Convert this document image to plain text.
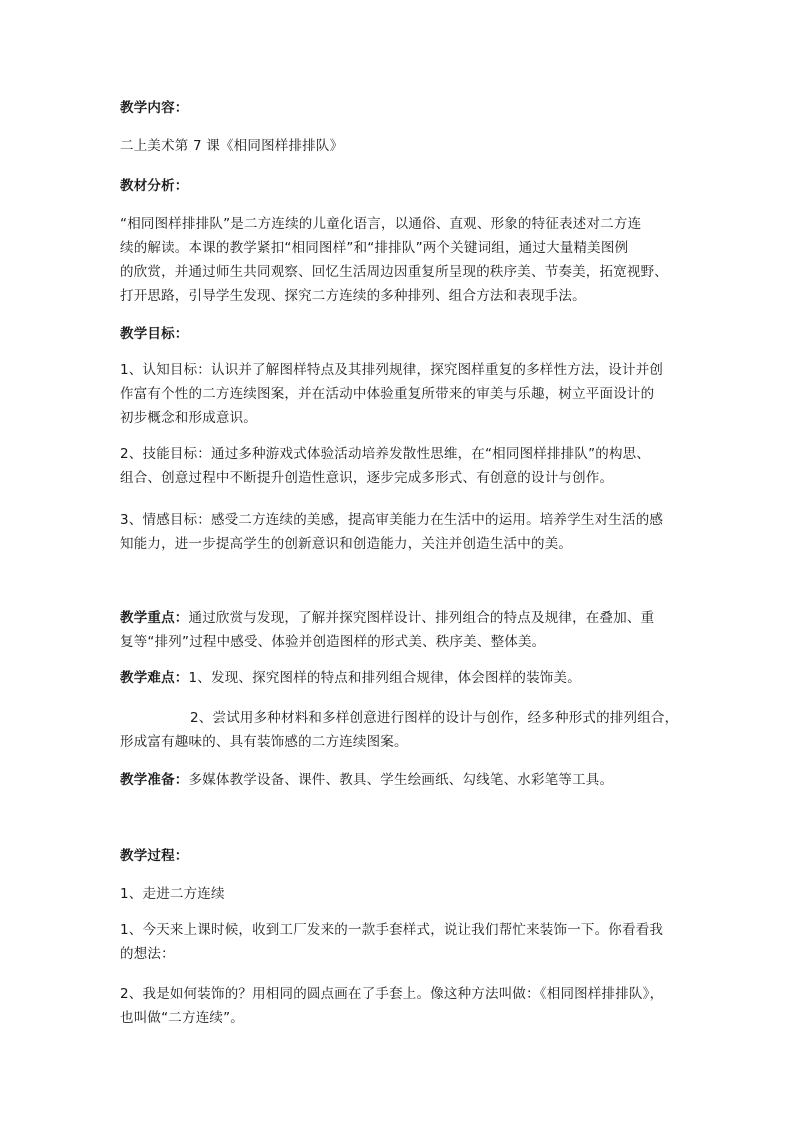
教学内容：
二上美术第 7 课《相同图样排排队》
教材分析：
“相同图样排排队”是二方连续的儿童化语言，以通俗、直观、形象的特征表述对二方连
续的解读。本课的教学紧扣“相同图样”和“排排队”两个关键词组，通过大量精美图例
的欣赏，并通过师生共同观察、回忆生活周边因重复所呈现的秩序美、节奏美，拓宽视野、
打开思路，引导学生发现、探究二方连续的多种排列、组合方法和表现手法。
教学目标：
1、认知目标：认识并了解图样特点及其排列规律，探究图样重复的多样性方法，设计并创
作富有个性的二方连续图案，并在活动中体验重复所带来的审美与乐趣，树立平面设计的
初步概念和形成意识。
2、技能目标：通过多种游戏式体验活动培养发散性思维，在“相同图样排排队”的构思、
组合、创意过程中不断提升创造性意识，逐步完成多形式、有创意的设计与创作。
3、情感目标：感受二方连续的美感，提高审美能力在生活中的运用。培养学生对生活的感
知能力，进一步提高学生的创新意识和创造能力，关注并创造生活中的美。
教学重点：通过欣赏与发现，了解并探究图样设计、排列组合的特点及规律，在叠加、重
复等“排列”过程中感受、体验并创造图样的形式美、秩序美、整体美。
教学难点：1、发现、探究图样的特点和排列组合规律，体会图样的装饰美。
2、尝试用多种材料和多样创意进行图样的设计与创作，经多种形式的排列组合，
形成富有趣味的、具有装饰感的二方连续图案。
教学准备：多媒体教学设备、课件、教具、学生绘画纸、勾线笔、水彩笔等工具。
教学过程：
1、走进二方连续
1、今天来上课时候，收到工厂发来的一款手套样式，说让我们帮忙来装饰一下。你看看我
的想法：
2、我是如何装饰的？用相同的圆点画在了手套上。像这种方法叫做：《相同图样排排队》，
也叫做“二方连续”。
